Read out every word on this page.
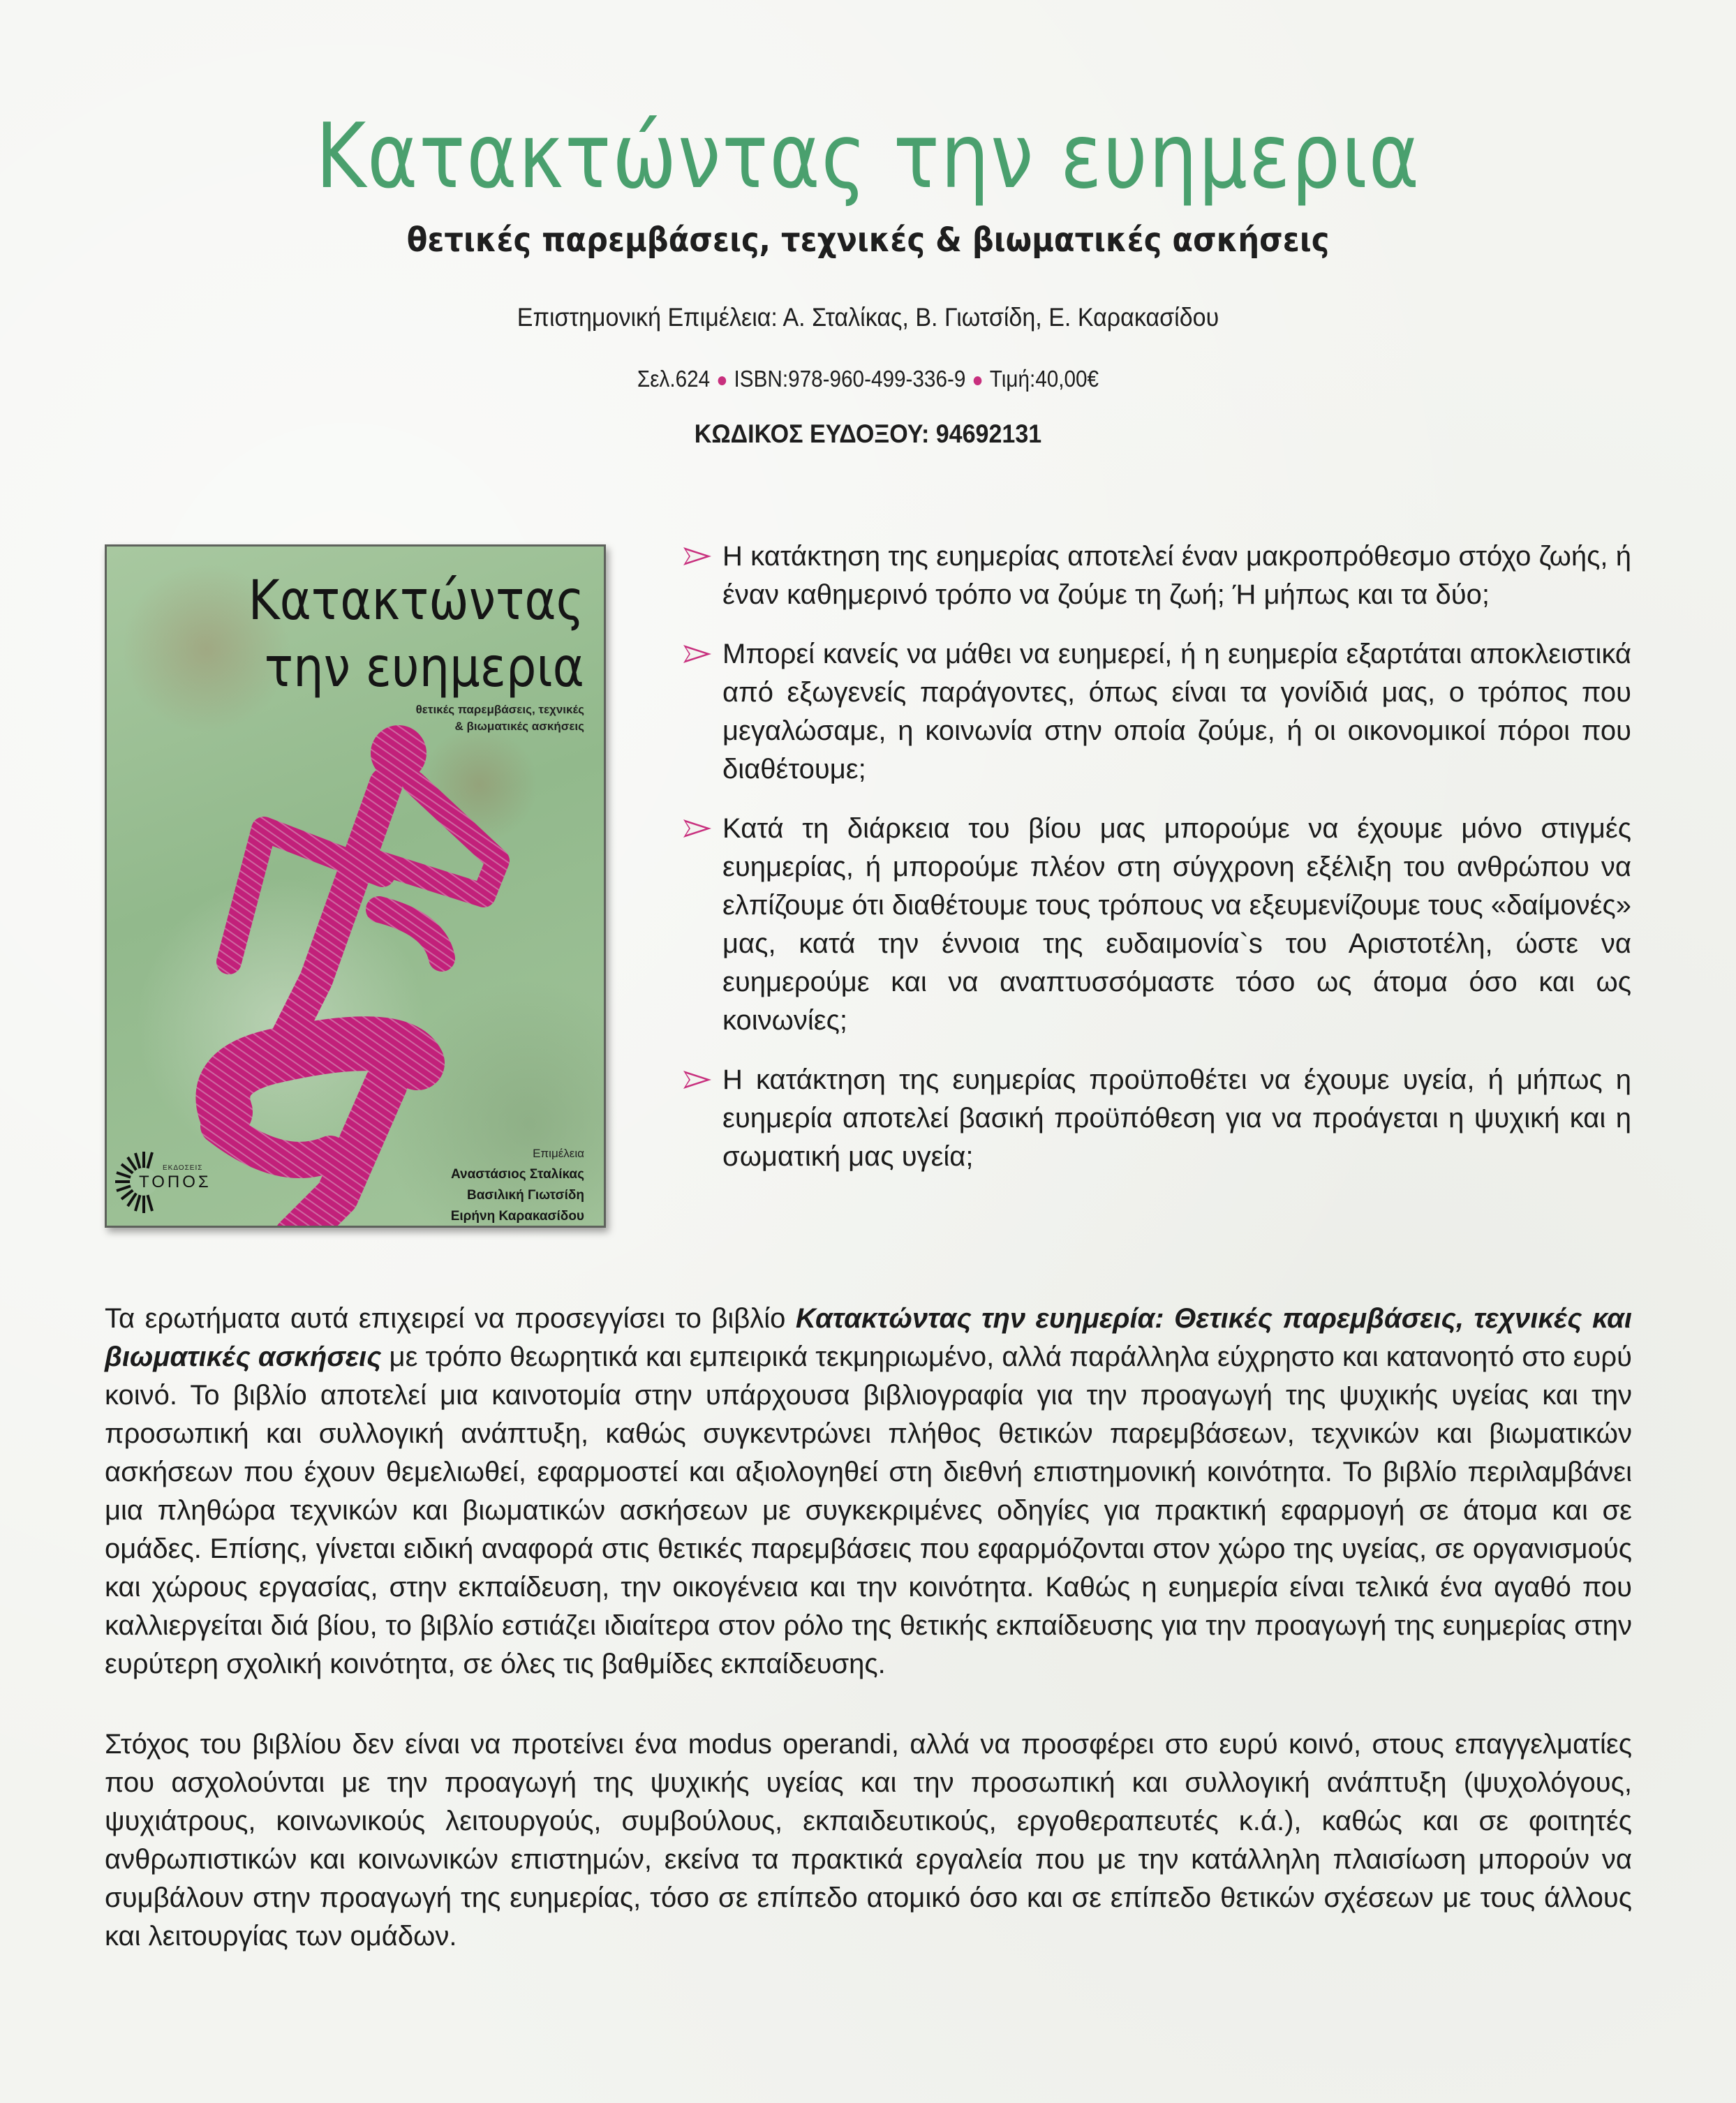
Κατακτώντας την ευημερια
θετικές παρεμβάσεις, τεχνικές & βιωματικές ασκήσεις
Επιστημονική Επιμέλεια: Α. Σταλίκας, Β. Γιωτσίδη, Ε. Καρακασίδου
Σελ.624 ● ISBN:978-960-499-336-9 ● Τιμή:40,00€
ΚΩΔΙΚΟΣ ΕΥΔΟΞΟΥ: 94692131
Κατακτώντας
την ευημερια
θετικές παρεμβάσεις, τεχνικές
& βιωματικές ασκήσεις
ΕΚΔΟΣΕΙΣ
ΤΟΠΟΣ
Επιμέλεια
Αναστάσιος Σταλίκας
Βασιλική Γιωτσίδη
Ειρήνη Καρακασίδου
Η κατάκτηση της ευημερίας αποτελεί έναν μακροπρόθεσμο στόχο ζωής, ή έναν καθημερινό τρόπο να ζούμε τη ζωή; Ή μήπως και τα δύο;
Μπορεί κανείς να μάθει να ευημερεί, ή η ευημερία εξαρτάται αποκλειστικά από εξωγενείς παράγοντες, όπως είναι τα γονίδιά μας, ο τρόπος που μεγαλώσαμε, η κοινωνία στην οποία ζούμε, ή οι οικονομικοί πόροι που διαθέτουμε;
Κατά τη διάρκεια του βίου μας μπορούμε να έχουμε μόνο στιγμές ευημερίας, ή μπορούμε πλέον στη σύγχρονη εξέλιξη του ανθρώπου να ελπίζουμε ότι διαθέτουμε τους τρόπους να εξευμενίζουμε τους «δαίμονές» μας, κατά την έννοια της ευδαιμονία`s του Αριστοτέλη, ώστε να ευημερούμε και να αναπτυσσόμαστε τόσο ως άτομα όσο και ως κοινωνίες;
Η κατάκτηση της ευημερίας προϋποθέτει να έχουμε υγεία, ή μήπως η ευημερία αποτελεί βασική προϋπόθεση για να προάγεται η ψυχική και η σωματική μας υγεία;

Τα ερωτήματα αυτά επιχειρεί να προσεγγίσει το βιβλίο Κατακτώντας την ευημερία: Θετικές παρεμβάσεις, τεχνικές και βιωματικές ασκήσεις με τρόπο θεωρητικά και εμπειρικά τεκμηριωμένο, αλλά παράλληλα εύχρηστο και κατανοητό στο ευρύ κοινό. Το βιβλίο αποτελεί μια καινοτομία στην υπάρχουσα βιβλιογραφία για την προαγωγή της ψυχικής υγείας και την προσωπική και συλλογική ανάπτυξη, καθώς συγκεντρώνει πλήθος θετικών παρεμβάσεων, τεχνικών και βιωματικών ασκήσεων που έχουν θεμελιωθεί, εφαρμοστεί και αξιολογηθεί στη διεθνή επιστημονική κοινότητα. Το βιβλίο περιλαμβάνει μια πληθώρα τεχνικών και βιωματικών ασκήσεων με συγκεκριμένες οδηγίες για πρακτική εφαρμογή σε άτομα και σε ομάδες. Επίσης, γίνεται ειδική αναφορά στις θετικές παρεμβάσεις που εφαρμόζονται στον χώρο της υγείας, σε οργανισμούς και χώρους εργασίας, στην εκπαίδευση, την οικογένεια και την κοινότητα. Καθώς η ευημερία είναι τελικά ένα αγαθό που καλλιεργείται διά βίου, το βιβλίο εστιάζει ιδιαίτερα στον ρόλο της θετικής εκπαίδευσης για την προαγωγή της ευημερίας στην ευρύτερη σχολική κοινότητα, σε όλες τις βαθμίδες εκπαίδευσης.

Στόχος του βιβλίου δεν είναι να προτείνει ένα modus operandi, αλλά να προσφέρει στο ευρύ κοινό, στους επαγγελματίες που ασχολούνται με την προαγωγή της ψυχικής υγείας και την προσωπική και συλλογική ανάπτυξη (ψυχολόγους, ψυχιάτρους, κοινωνικούς λειτουργούς, συμβούλους, εκπαιδευτικούς, εργοθεραπευτές κ.ά.), καθώς και σε φοιτητές ανθρωπιστικών και κοινωνικών επιστημών, εκείνα τα πρακτικά εργαλεία που με την κατάλληλη πλαισίωση μπορούν να συμβάλουν στην προαγωγή της ευημερίας, τόσο σε επίπεδο ατομικό όσο και σε επίπεδο θετικών σχέσεων με τους άλλους και λειτουργίας των ομάδων.
